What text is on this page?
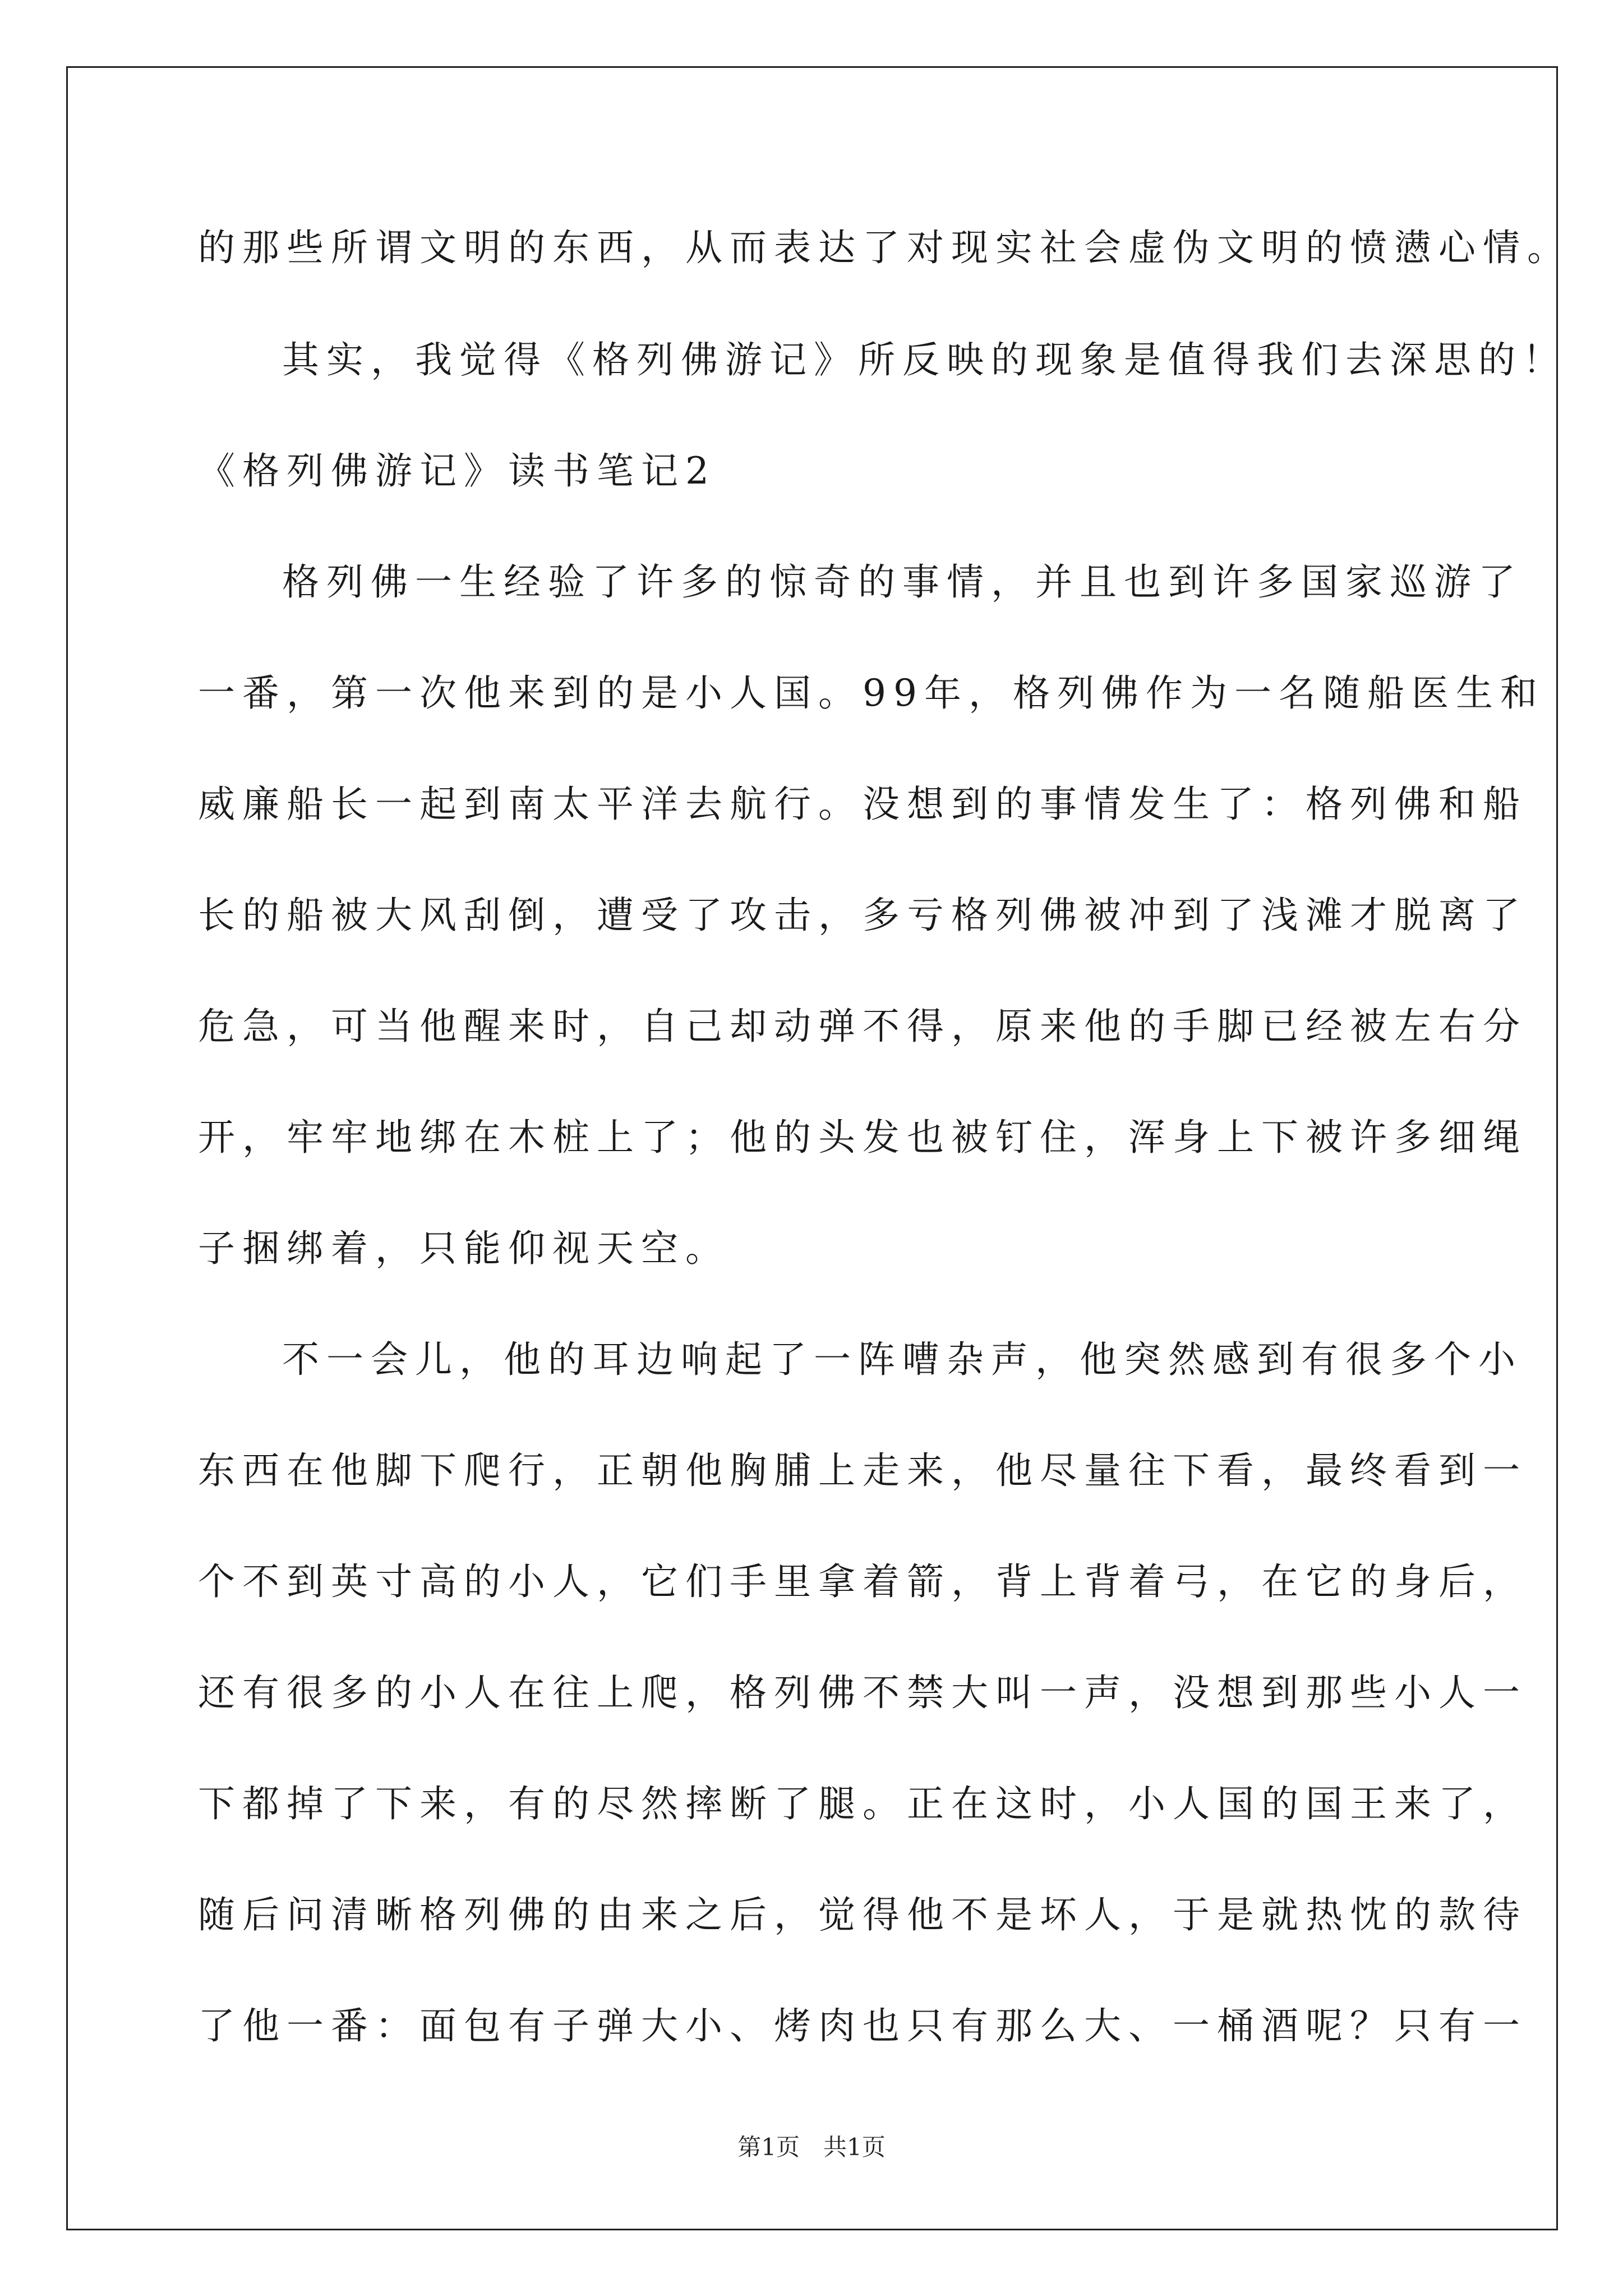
的那些所谓文明的东西，从而表达了对现实社会虚伪文明的愤懑心情。
其实，我觉得《格列佛游记》所反映的现象是值得我们去深思的！
《格列佛游记》读书笔记2
格列佛一生经验了许多的惊奇的事情，并且也到许多国家巡游了
一番，第一次他来到的是小人国。99年，格列佛作为一名随船医生和
威廉船长一起到南太平洋去航行。没想到的事情发生了：格列佛和船
长的船被大风刮倒，遭受了攻击，多亏格列佛被冲到了浅滩才脱离了
危急，可当他醒来时，自己却动弹不得，原来他的手脚已经被左右分
开，牢牢地绑在木桩上了；他的头发也被钉住，浑身上下被许多细绳
子捆绑着，只能仰视天空。
不一会儿，他的耳边响起了一阵嘈杂声，他突然感到有很多个小
东西在他脚下爬行，正朝他胸脯上走来，他尽量往下看，最终看到一
个不到英寸高的小人，它们手里拿着箭，背上背着弓，在它的身后，
还有很多的小人在往上爬，格列佛不禁大叫一声，没想到那些小人一
下都掉了下来，有的尽然摔断了腿。正在这时，小人国的国王来了，
随后问清晰格列佛的由来之后，觉得他不是坏人，于是就热忱的款待
了他一番：面包有子弹大小、烤肉也只有那么大、一桶酒呢？只有一
第1页　共1页
